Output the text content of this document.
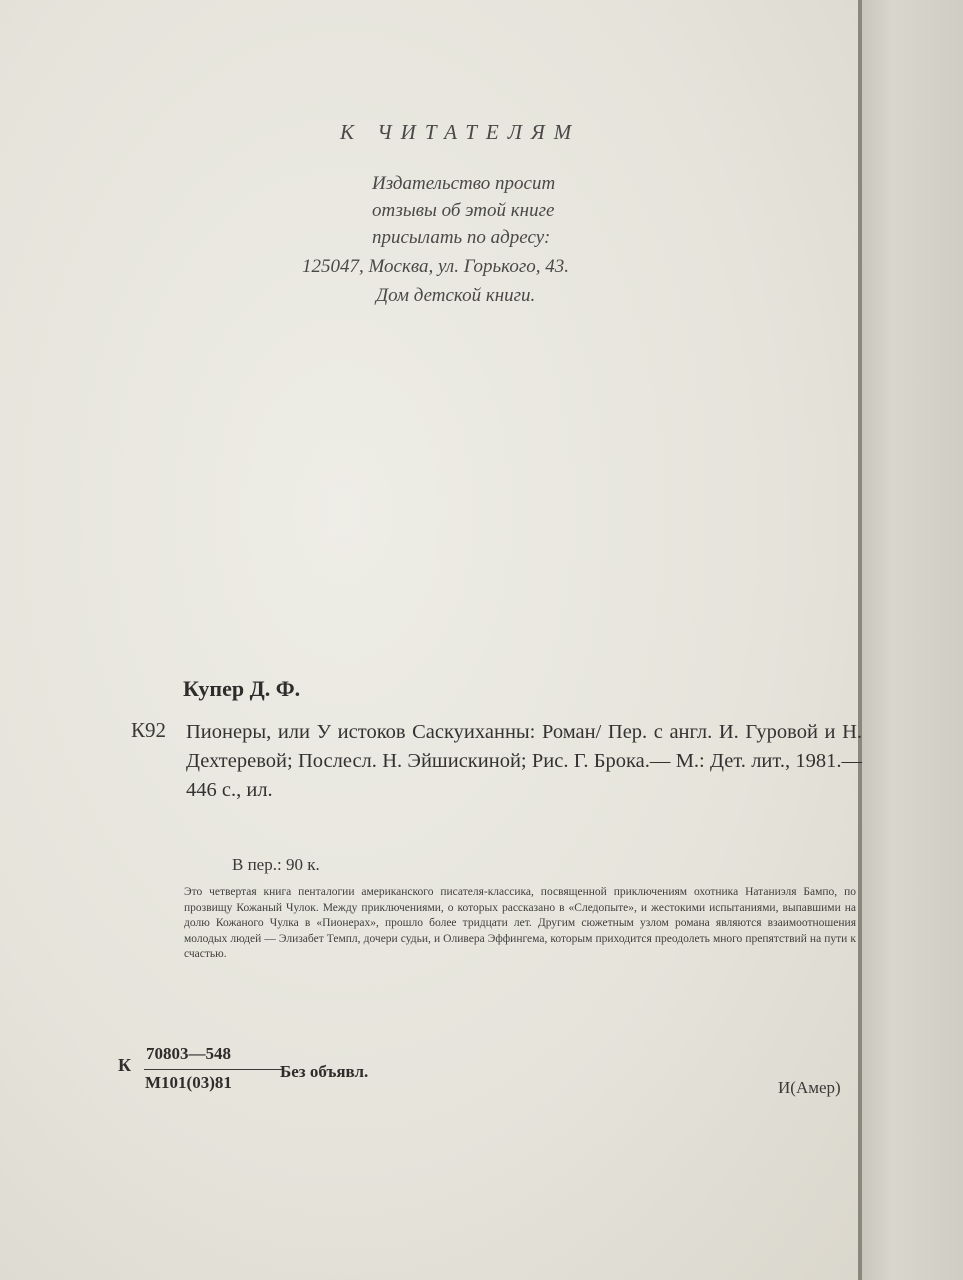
К ЧИТАТЕЛЯМ
Издательство просит
отзывы об этой книге
присылать по адресу:
125047, Москва, ул. Горького, 43.
Дом детской книги.
Купер Д. Ф.
К92 Пионеры, или У истоков Саскуиханны: Роман/ Пер. с англ. И. Гуровой и Н. Дехтеревой; Послесл. Н. Эйшискиной; Рис. Г. Брока.— М.: Дет. лит., 1981.— 446 с., ил.
В пер.: 90 к.
Это четвертая книга пенталогии американского писателя-классика, посвященной приключениям охотника Натаниэля Бампо, по прозвищу Кожаный Чулок. Между приключениями, о которых рассказано в «Следопыте», и жестокими испытаниями, выпавшими на долю Кожаного Чулка в «Пионерах», прошло более тридцати лет. Другим сюжетным узлом романа являются взаимоотношения молодых людей — Элизабет Темпл, дочери судьи, и Оливера Эффингема, которым приходится преодолеть много препятствий на пути к счастью.
К
70803—548
М101(03)81
Без объявл.
И(Амер)
